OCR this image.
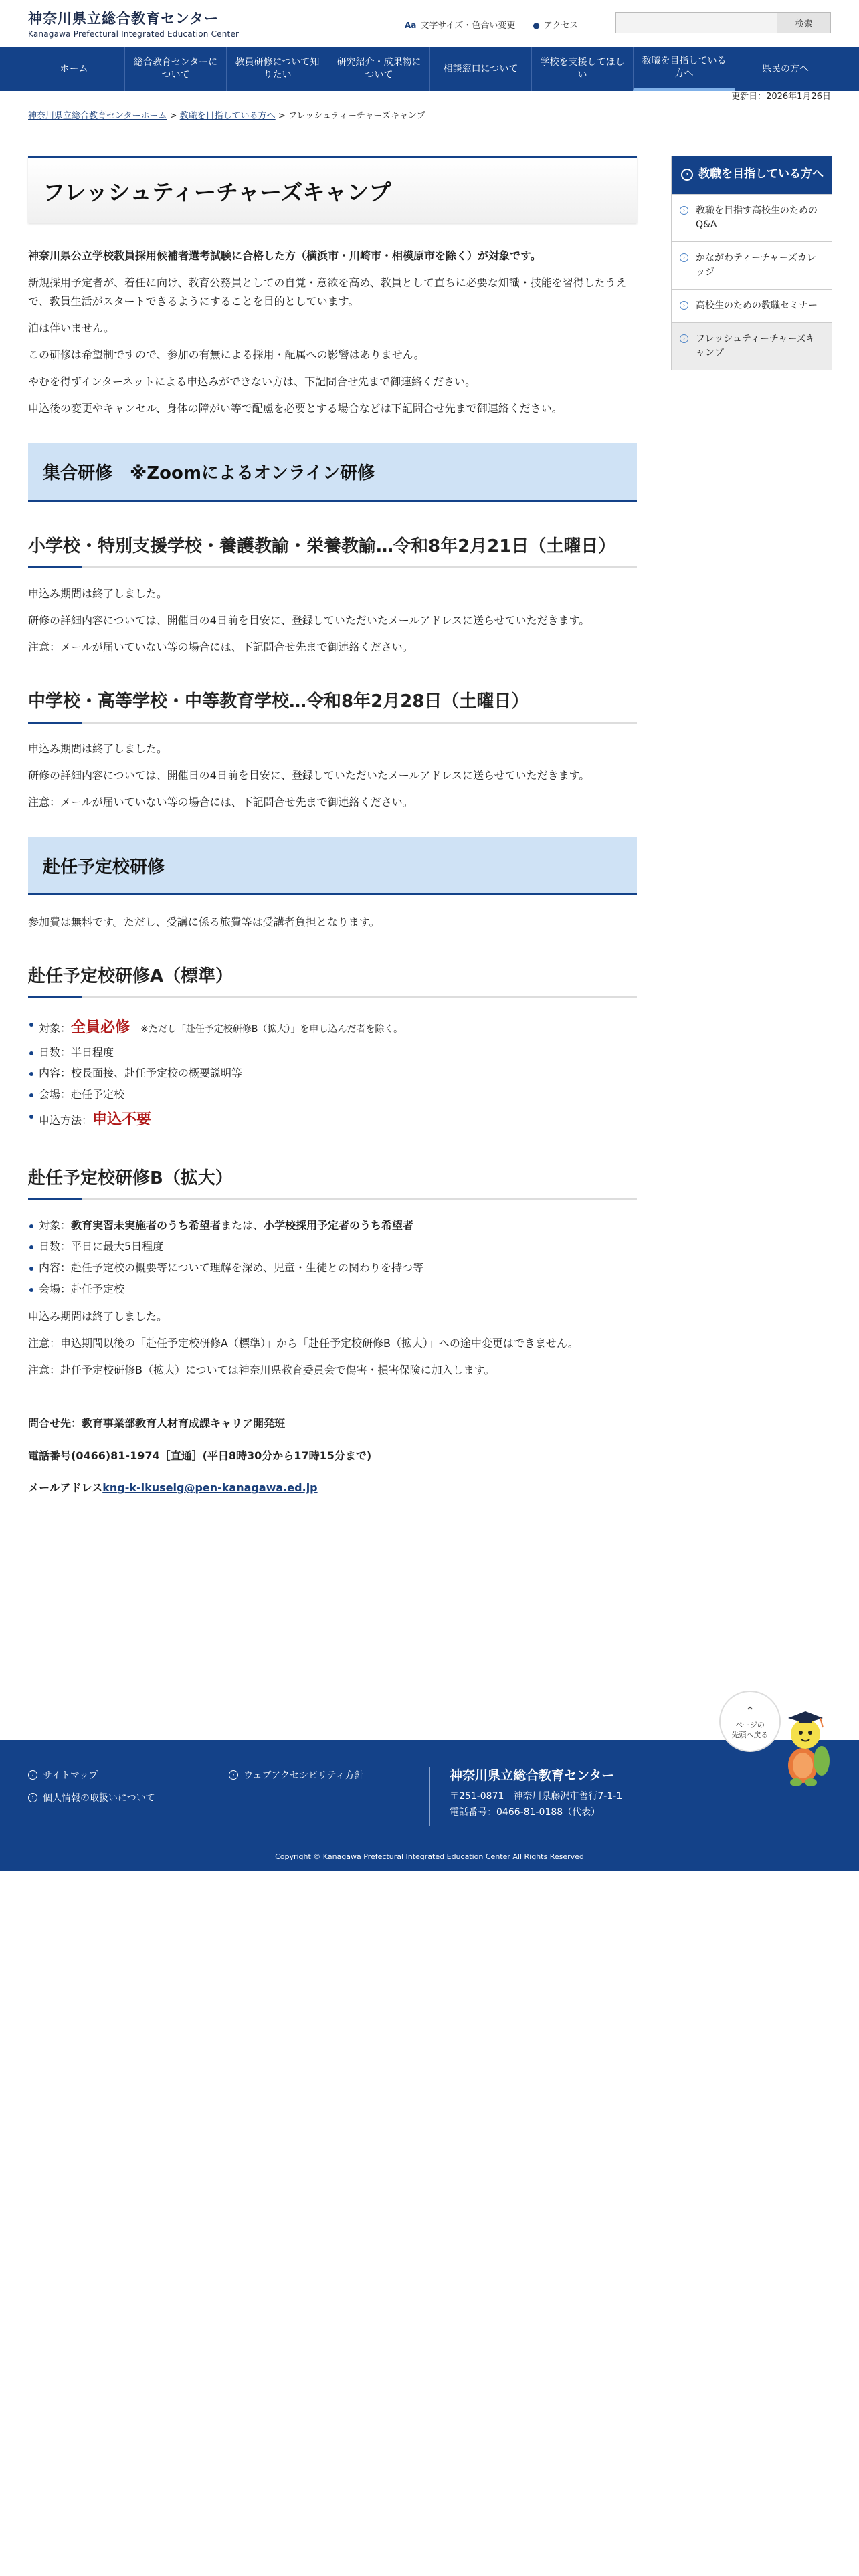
神奈川県立総合教育センター
Kanagawa Prefectural Integrated Education Center
Aa 文字サイズ・色合い変更 ● アクセス	検索
ホーム
総合教育センターについて
教員研修について知りたい
研究紹介・成果物について
相談窓口について
学校を支援してほしい
教職を目指している方へ	県民の方へ
神奈川県立総合教育センターホーム > 教職を目指している方へ > フレッシュティーチャーズキャンプ
更新日：2026年1月26日
フレッシュティーチャーズキャンプ

神奈川県公立学校教員採用候補者選考試験に合格した方（横浜市・川崎市・相模原市を除く）が対象です。

新規採用予定者が、着任に向け、教育公務員としての自覚・意欲を高め、教員として直ちに必要な知識・技能を習得したうえで、教員生活がスタートできるようにすることを目的としています。

泊は伴いません。

この研修は希望制ですので、参加の有無による採用・配属への影響はありません。

やむを得ずインターネットによる申込みができない方は、下記問合せ先まで御連絡ください。

申込後の変更やキャンセル、身体の障がい等で配慮を必要とする場合などは下記問合せ先まで御連絡ください。

集合研修　※Zoomによるオンライン研修
小学校・特別支援学校・養護教諭・栄養教諭…令和8年2月21日（土曜日）

申込み期間は終了しました。

研修の詳細内容については、開催日の4日前を目安に、登録していただいたメールアドレスに送らせていただきます。

注意：メールが届いていない等の場合には、下記問合せ先まで御連絡ください。

中学校・高等学校・中等教育学校…令和8年2月28日（土曜日）

申込み期間は終了しました。

研修の詳細内容については、開催日の4日前を目安に、登録していただいたメールアドレスに送らせていただきます。

注意：メールが届いていない等の場合には、下記問合せ先まで御連絡ください。

赴任予定校研修

参加費は無料です。ただし、受講に係る旅費等は受講者負担となります。

赴任予定校研修A（標準）
対象：全員必修 ※ただし「赴任予定校研修B（拡大）」を申し込んだ者を除く。
日数：半日程度
内容：校長面接、赴任予定校の概要説明等
会場：赴任予定校
申込方法：申込不要
赴任予定校研修B（拡大）
対象：教育実習未実施者のうち希望者または、小学校採用予定者のうち希望者
日数：平日に最大5日程度
内容：赴任予定校の概要等について理解を深め、児童・生徒との関わりを持つ等
会場：赴任予定校

申込み期間は終了しました。

注意：申込期間以後の「赴任予定校研修A（標準）」から「赴任予定校研修B（拡大）」への途中変更はできません。

注意：赴任予定校研修B（拡大）については神奈川県教育委員会で傷害・損害保険に加入します。

問合せ先：教育事業部教育人材育成課キャリア開発班

電話番号(0466)81-1974［直通］(平日8時30分から17時15分まで)

メールアドレスkng-k-ikuseig@pen-kanagawa.ed.jp

› 教職を目指している方へ
›	教職を目指す高校生のためのQ&A
›	かながわティーチャーズカレッジ
›	高校生のための教職セミナー
›	フレッシュティーチャーズキャンプ
› サイトマップ	› ウェブアクセシビリティ方針
› 個人情報の取扱いについて
神奈川県立総合教育センター
〒251-0871　神奈川県藤沢市善行7-1-1
電話番号：0466-81-0188（代表）
Copyright © Kanagawa Prefectural Integrated Education Center All Rights Reserved
⌃
ページの
先頭へ戻る
